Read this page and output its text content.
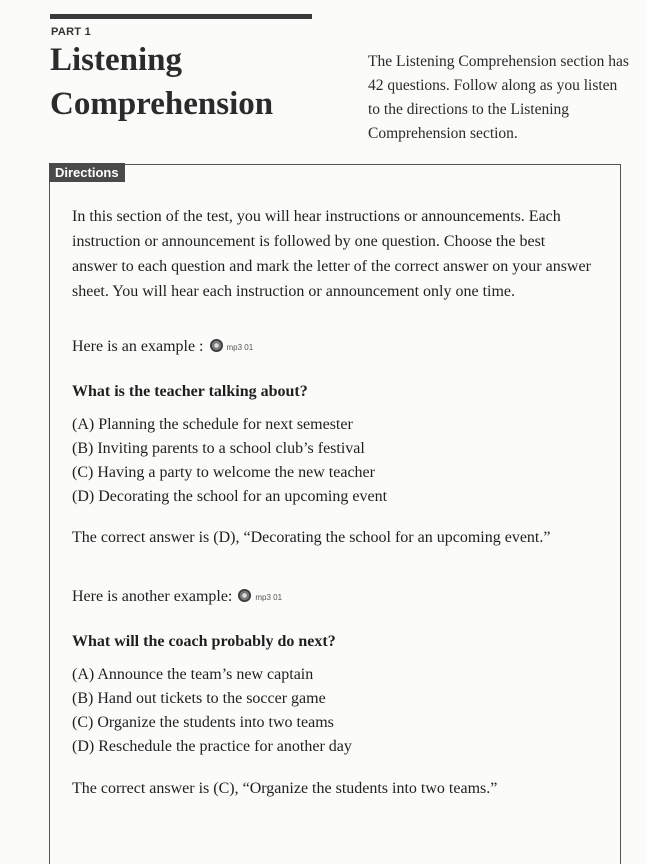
PART 1
Listening
Comprehension

The Listening Comprehension section has 42 questions. Follow along as you listen to the directions to the Listening Comprehension section.

Directions

In this section of the test, you will hear instructions or announcements. Each instruction or announcement is followed by one question. Choose the best answer to each question and mark the letter of the correct answer on your answer sheet. You will hear each instruction or announcement only one time.

Here is an example :	mp3 01

What is the teacher talking about?

(A) Planning the schedule for next semester
(B) Inviting parents to a school club’s festival
(C) Having a party to welcome the new teacher
(D) Decorating the school for an upcoming event

The correct answer is (D), “Decorating the school for an upcoming event.”

Here is another example:	mp3 01

What will the coach probably do next?

(A) Announce the team’s new captain
(B) Hand out tickets to the soccer game
(C) Organize the students into two teams
(D) Reschedule the practice for another day

The correct answer is (C), “Organize the students into two teams.”
